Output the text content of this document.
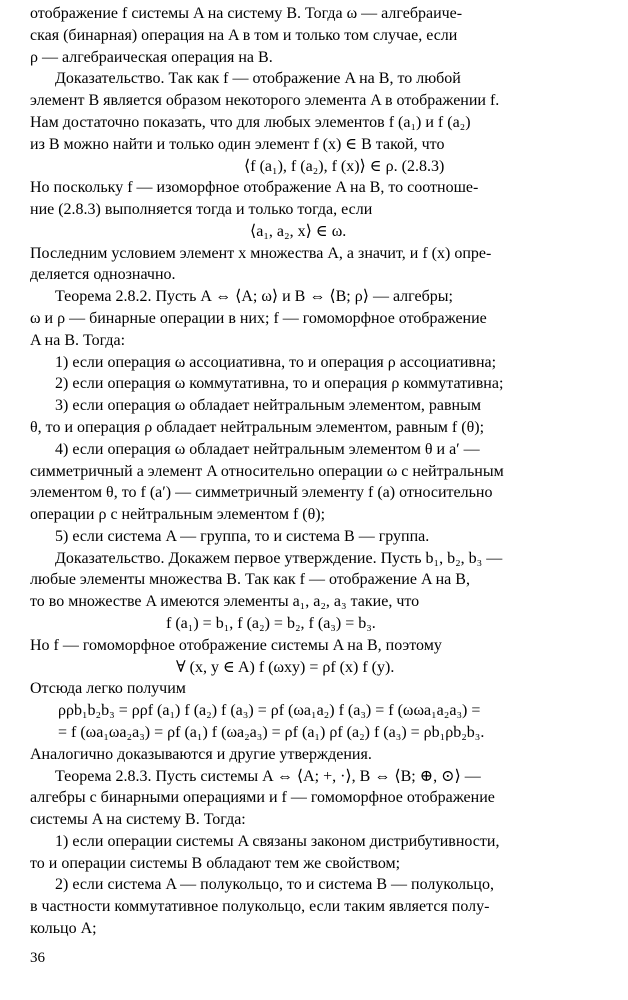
отображение f системы A на систему B. Тогда ω — алгебраиче-
ская (бинарная) операция на A в том и только том случае, если
ρ — алгебраическая операция на B.
Доказательство. Так как f — отображение A на B, то любой
элемент B является образом некоторого элемента A в отображении f.
Нам достаточно показать, что для любых элементов f (a₁) и f (a₂)
из B можно найти и только один элемент f (x) ∈ B такой, что
⟨f (a₁), f (a₂), f (x)⟩ ∈ ρ. (2.8.3)
Но поскольку f — изоморфное отображение A на B, то соотноше-
ние (2.8.3) выполняется тогда и только тогда, если
⟨a₁, a₂, x⟩ ∈ ω.
Последним условием элемент x множества A, а значит, и f (x) опре-
деляется однозначно.
Теорема 2.8.2. Пусть A ⇔ ⟨A; ω⟩ и B ⇔ ⟨B; ρ⟩ — алгебры;
ω и ρ — бинарные операции в них; f — гомоморфное отображение
A на B. Тогда:
1) если операция ω ассоциативна, то и операция ρ ассоциативна;
2) если операция ω коммутативна, то и операция ρ коммутативна;
3) если операция ω обладает нейтральным элементом, равным
θ, то и операция ρ обладает нейтральным элементом, равным f (θ);
4) если операция ω обладает нейтральным элементом θ и a′ —
симметричный a элемент A относительно операции ω с нейтральным
элементом θ, то f (a′) — симметричный элементу f (a) относительно
операции ρ с нейтральным элементом f (θ);
5) если система A — группа, то и система B — группа.
Доказательство. Докажем первое утверждение. Пусть b₁, b₂, b₃ —
любые элементы множества B. Так как f — отображение A на B,
то во множестве A имеются элементы a₁, a₂, a₃ такие, что
f (a₁) = b₁, f (a₂) = b₂, f (a₃) = b₃.
Но f — гомоморфное отображение системы A на B, поэтому
∀ (x, y ∈ A) f (ωxy) = ρf (x) f (y).
Отсюда легко получим
ρρb₁b₂b₃ = ρρf (a₁) f (a₂) f (a₃) = ρf (ωa₁a₂) f (a₃) = f (ωωa₁a₂a₃) =
= f (ωa₁ωa₂a₃) = ρf (a₁) f (ωa₂a₃) = ρf (a₁) ρf (a₂) f (a₃) = ρb₁ρb₂b₃.
Аналогично доказываются и другие утверждения.
Теорема 2.8.3. Пусть системы A ⇔ ⟨A; +, ·⟩, B ⇔ ⟨B; ⊕, ⊙⟩ —
алгебры с бинарными операциями и f — гомоморфное отображение
системы A на систему B. Тогда:
1) если операции системы A связаны законом дистрибутивности,
то и операции системы B обладают тем же свойством;
2) если система A — полукольцо, то и система B — полукольцо,
в частности коммутативное полукольцо, если таким является полу-
кольцо A;
36
